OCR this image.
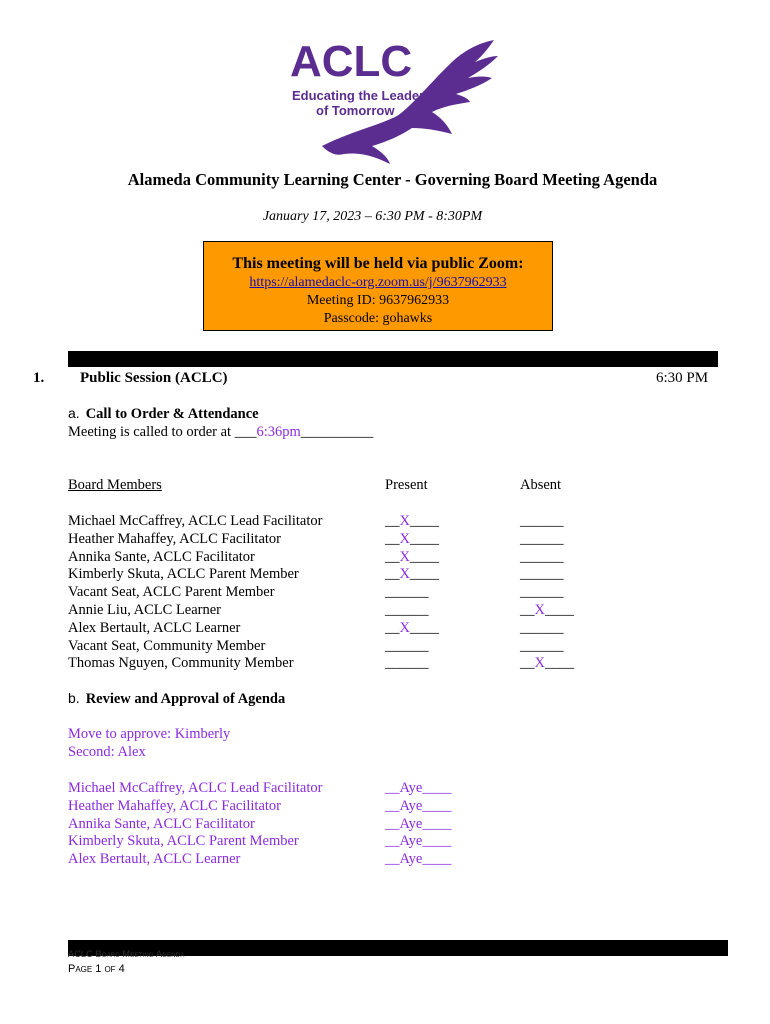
ACLC
Educating the Leaders
of Tomorrow
Alameda Community Learning Center - Governing Board Meeting Agenda
January 17, 2023 – 6:30 PM - 8:30PM
This meeting will be held via public Zoom:
https://alamedaclc-org.zoom.us/j/9637962933
Meeting ID: 9637962933
Passcode: gohawks
1. Public Session (ACLC)	6:30 PM
a. Call to Order & Attendance
Meeting is called to order at ___6:36pm__________
Board Members	Present	Absent
Michael McCaffrey, ACLC Lead Facilitator	__X____	______
Heather Mahaffey, ACLC Facilitator	__X____	______
Annika Sante, ACLC Facilitator	__X____	______
Kimberly Skuta, ACLC Parent Member	__X____	______
Vacant Seat, ACLC Parent Member	______	______
Annie Liu, ACLC Learner	______	__X____
Alex Bertault, ACLC Learner	__X____	______
Vacant Seat, Community Member	______	______
Thomas Nguyen, Community Member	______	__X____
b. Review and Approval of Agenda
Move to approve: Kimberly
Second: Alex
Michael McCaffrey, ACLC Lead Facilitator	__Aye____
Heather Mahaffey, ACLC Facilitator	__Aye____
Annika Sante, ACLC Facilitator	__Aye____
Kimberly Skuta, ACLC Parent Member	__Aye____
Alex Bertault, ACLC Learner	__Aye____
ACLC Board Meeting Agenda
Page 1 of 4
